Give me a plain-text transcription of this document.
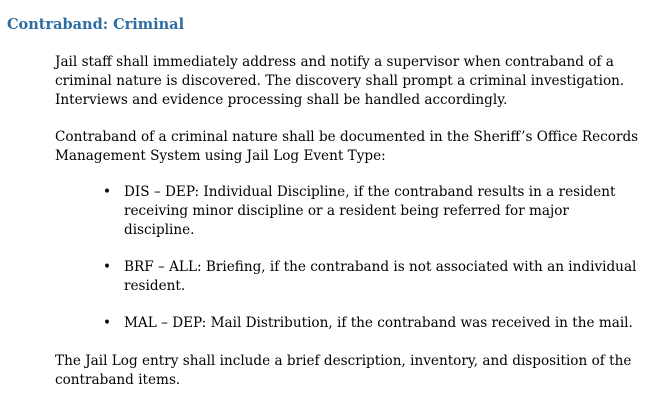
Contraband: Criminal
Jail staff shall immediately address and notify a supervisor when contraband of a
criminal nature is discovered. The discovery shall prompt a criminal investigation.
Interviews and evidence processing shall be handled accordingly.
Contraband of a criminal nature shall be documented in the Sheriff’s Office Records
Management System using Jail Log Event Type:
• DIS – DEP: Individual Discipline, if the contraband results in a resident
receiving minor discipline or a resident being referred for major
discipline.
• BRF – ALL: Briefing, if the contraband is not associated with an individual
resident.
• MAL – DEP: Mail Distribution, if the contraband was received in the mail.
The Jail Log entry shall include a brief description, inventory, and disposition of the
contraband items.
